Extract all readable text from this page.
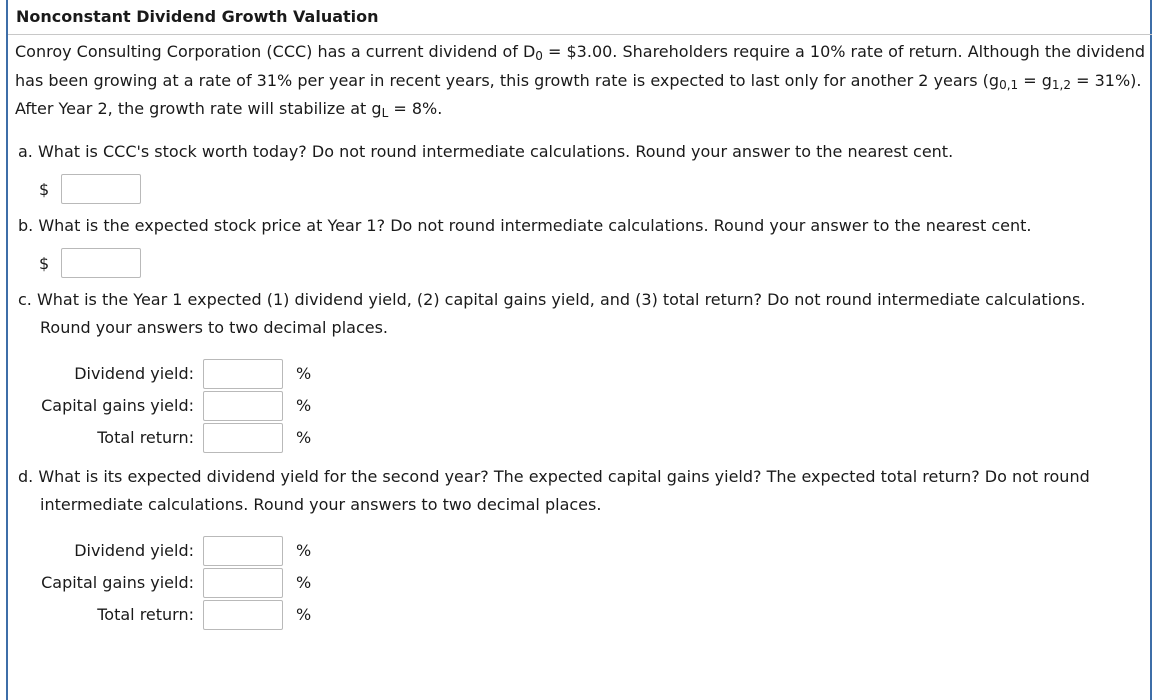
Nonconstant Dividend Growth Valuation
Conroy Consulting Corporation (CCC) has a current dividend of $D_0$ = $3.00. Shareholders require a 10% rate of return. Although the dividend has been growing at a rate of 31% per year in recent years, this growth rate is expected to last only for another 2 years $(g_{0,1} = g_{1,2} = 31\%)$. After Year 2, the growth rate will stabilize at $g_L = 8\%$.
a. What is CCC's stock worth today? Do not round intermediate calculations. Round your answer to the nearest cent.
$
b. What is the expected stock price at Year 1? Do not round intermediate calculations. Round your answer to the nearest cent.
$
c. What is the Year 1 expected (1) dividend yield, (2) capital gains yield, and (3) total return? Do not round intermediate calculations.
Round your answers to two decimal places.
Dividend yield:	%
Capital gains yield:	%
Total return:	%
d. What is its expected dividend yield for the second year? The expected capital gains yield? The expected total return? Do not round
intermediate calculations. Round your answers to two decimal places.
Dividend yield:	%
Capital gains yield:	%
Total return:	%
